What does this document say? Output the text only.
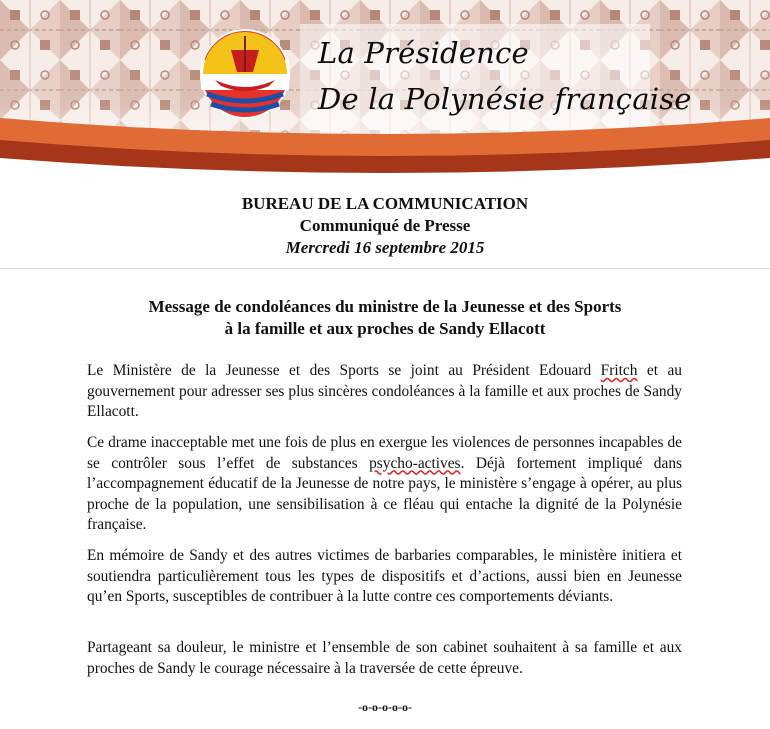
La Présidence
De la Polynésie française
BUREAU DE LA COMMUNICATION
Communiqué de Presse
Mercredi 16 septembre 2015
Message de condoléances du ministre de la Jeunesse et des Sports
à la famille et aux proches de Sandy Ellacott

Le Ministère de la Jeunesse et des Sports se joint au Président Edouard Fritch et au gouvernement pour adresser ses plus sincères condoléances à la famille et aux proches de Sandy Ellacott.

Ce drame inacceptable met une fois de plus en exergue les violences de personnes incapables de se contrôler sous l’effet de substances psycho-actives. Déjà fortement impliqué dans l’accompagnement éducatif de la Jeunesse de notre pays, le ministère s’engage à opérer, au plus proche de la population, une sensibilisation à ce fléau qui entache la dignité de la Polynésie française.

En mémoire de Sandy et des autres victimes de barbaries comparables, le ministère initiera et soutiendra particulièrement tous les types de dispositifs et d’actions, aussi bien en Jeunesse qu’en Sports, susceptibles de contribuer à la lutte contre ces comportements déviants.

Partageant sa douleur, le ministre et l’ensemble de son cabinet souhaitent à sa famille et aux proches de Sandy le courage nécessaire à la traversée de cette épreuve.

-o-o-o-o-o-
